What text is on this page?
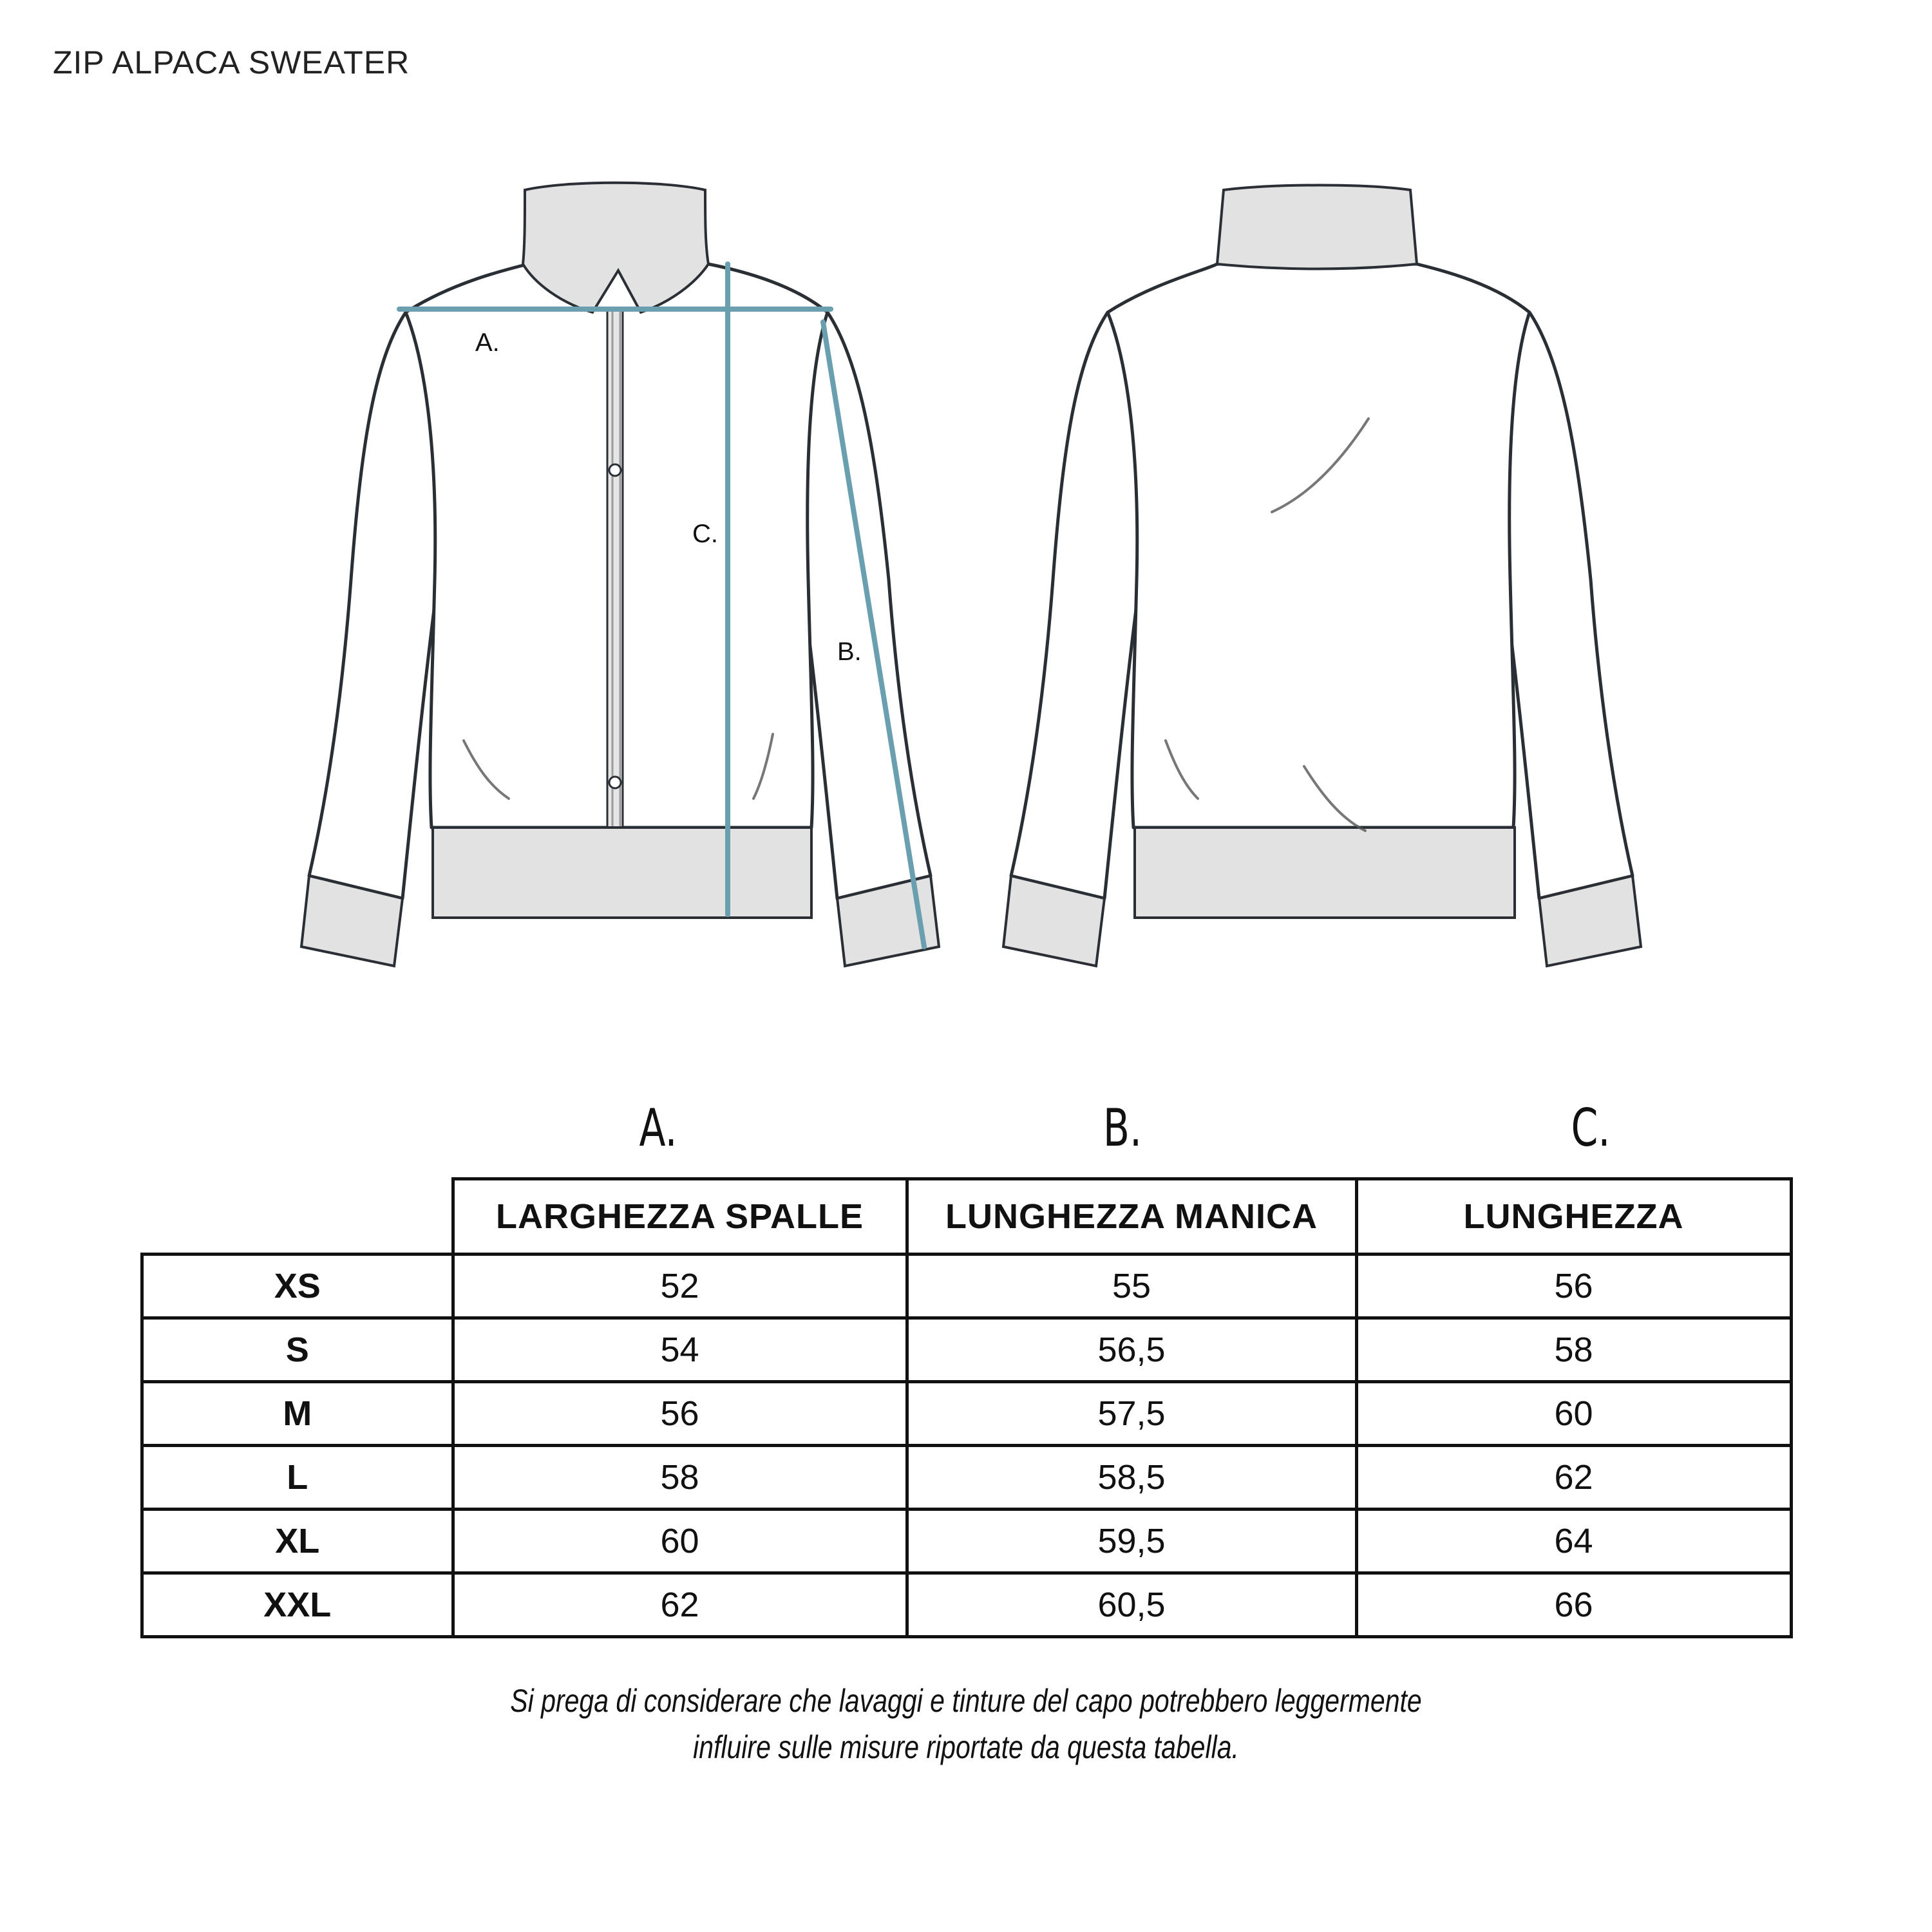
ZIP ALPACA SWEATER
A.
C.
B.
A.	B.	C.
	LARGHEZZA SPALLE	LUNGHEZZA MANICA	LUNGHEZZA
XS	52	55	56
S	54	56,5	58
M	56	57,5	60
L	58	58,5	62
XL	60	59,5	64
XXL	62	60,5	66
Si prega di considerare che lavaggi e tinture del capo potrebbero leggermente
influire sulle misure riportate da questa tabella.
